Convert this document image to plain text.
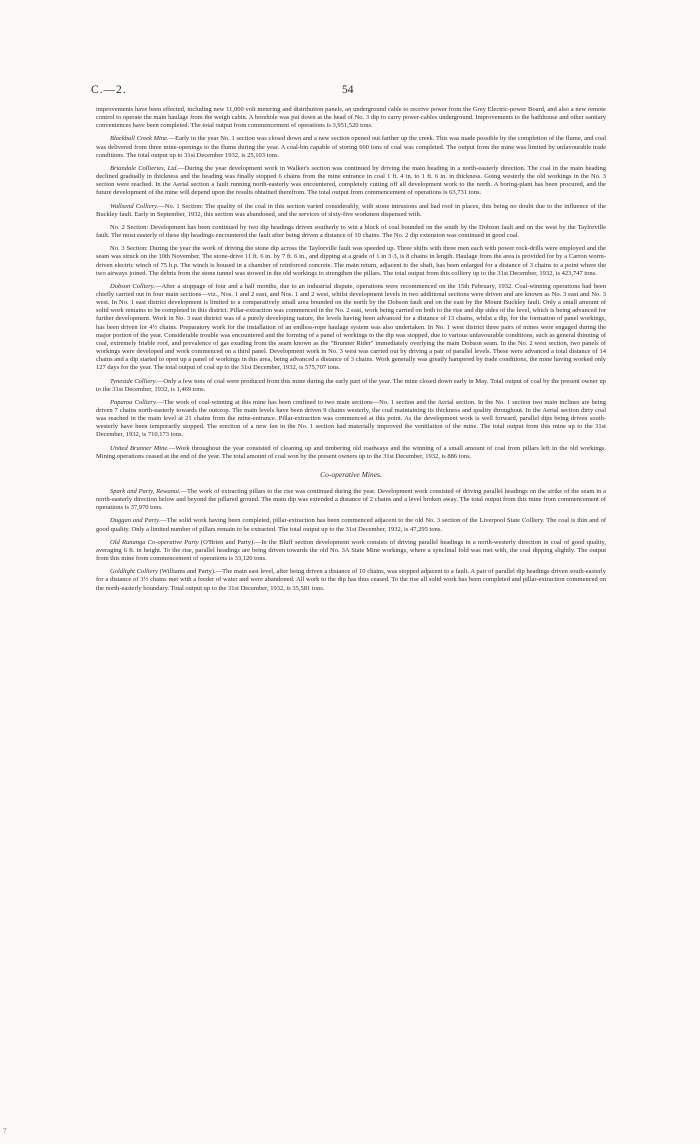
C.—2.	54

improvements have been effected, including new 11,000 volt metering and distribution panels, an underground cable to receive power from the Grey Electric-power Board, and also a new remote control to operate the main haulage from the weigh cabin. A borehole was put down at the head of No. 3 dip to carry power-cables underground. Improvements to the bathhouse and other sanitary conveniences have been completed. The total output from commencement of operations is 3,951,520 tons.

Blackball Creek Mine.—Early in the year No. 1 section was closed down and a new section opened out farther up the creek. This was made possible by the completion of the flume, and coal was delivered from three mine-openings to the flume during the year. A coal-bin capable of storing 600 tons of coal was completed. The output from the mine was limited by unfavourable trade conditions. The total output up to 31st December 1932, is 25,103 tons.

Briandale Collieries, Ltd.—During the year development work in Walker's section was continued by driving the main heading in a north-easterly direction. The coal in the main heading declined gradually in thickness and the heading was finally stopped 6 chains from the mine entrance in coal 1 ft. 4 in. to 1 ft. 6 in. in thickness. Going westerly the old workings in the No. 3 section were reached. In the Aerial section a fault running north-easterly was encountered, completely cutting off all development work to the north. A boring-plant has been procured, and the future development of the mine will depend upon the results obtained therefrom. The total output from commencement of operations is 63,731 tons.

Wallsend Colliery.—No. 1 Section: The quality of the coal in this section varied considerably, with stone intrusions and bad roof in places, this being no doubt due to the influence of the Buckley fault. Early in September, 1932, this section was abandoned, and the services of sixty-five workmen dispensed with.

No. 2 Section: Development has been continued by two dip headings driven southerly to win a block of coal bounded on the south by the Dobson fault and on the west by the Taylorville fault. The most easterly of these dip headings encountered the fault after being driven a distance of 10 chains. The No. 2 dip extension was continued in good coal.

No. 3 Section: During the year the work of driving the stone dip across the Taylorville fault was speeded up. Three shifts with three men each with power rock-drills were employed and the seam was struck on the 10th November. The stone-drive 11 ft. 6 in. by 7 ft. 6 in., and dipping at a grade of 1 in 3·3, is 8 chains in length. Haulage from the area is provided for by a Carron worm-driven electric winch of 75 h.p. The winch is housed in a chamber of reinforced concrete. The main return, adjacent to the shaft, has been enlarged for a distance of 3 chains to a point where the two airways joined. The debris from the stone tunnel was stowed in the old workings to strengthen the pillars. The total output from this colliery up to the 31st December, 1932, is 423,747 tons.

Dobson Colliery.—After a stoppage of four and a half months, due to an industrial dispute, operations were recommenced on the 15th February, 1932. Coal-winning operations had been chiefly carried out in four main sections—viz., Nos. 1 and 2 east, and Nos. 1 and 2 west, whilst development levels in two additional sections were driven and are known as No. 3 east and No. 3 west. In No. 1 east district development is limited to a comparatively small area bounded on the north by the Dobson fault and on the east by the Mount Buckley fault. Only a small amount of solid work remains to be completed in this district. Pillar-extraction was commenced in the No. 2 east, work being carried on both to the rise and dip sides of the level, which is being advanced for further development. Work in No. 3 east district was of a purely developing nature, the levels having been advanced for a distance of 13 chains, whilst a dip, for the formation of panel workings, has been driven for 4½ chains. Preparatory work for the installation of an endless-rope haulage system was also undertaken. In No. 1 west district three pairs of mines were engaged during the major portion of the year. Considerable trouble was encountered and the forming of a panel of workings to the dip was stopped, due to various unfavourable conditions, such as general thinning of coal, extremely friable roof, and prevalence of gas exuding from the seam known as the "Brunner Rider" immediately overlying the main Dobson seam. In the No. 2 west section, two panels of workings were developed and work commenced on a third panel. Development work in No. 3 west was carried out by driving a pair of parallel levels. These were advanced a total distance of 14 chains and a dip started to open up a panel of workings in this area, being advanced a distance of 3 chains. Work generally was greatly hampered by trade conditions, the mine having worked only 127 days for the year. The total output of coal up to the 31st December, 1932, is 575,707 tons.

Tyneside Colliery.—Only a few tons of coal were produced from this mine during the early part of the year. The mine closed down early in May. Total output of coal by the present owner up to the 31st December, 1932, is 1,469 tons.

Paparoa Colliery.—The work of coal-winning at this mine has been confined to two main sections—No. 1 section and the Aerial section. In the No. 1 section two main inclines are being driven 7 chains north-easterly towards the outcrop. The main levels have been driven 9 chains westerly, the coal maintaining its thickness and quality throughout. In the Aerial section dirty coal was reached in the main level at 21 chains from the mine-entrance. Pillar-extraction was commenced at this point. As the development work is well forward, parallel dips being driven south-westerly have been temporarily stopped. The erection of a new fan in the No. 1 section had materially improved the ventilation of the mine. The total output from this mine up to the 31st December, 1932, is 710,173 tons.

United Brunner Mine.—Work throughout the year consisted of cleaning up and timbering old roadways and the winning of a small amount of coal from pillars left in the old workings. Mining operations ceased at the end of the year. The total amount of coal won by the present owners up to the 31st December, 1932, is 886 tons.

Co-operative Mines.

Spark and Party, Rewanui.—The work of extracting pillars to the rise was continued during the year. Development work consisted of driving parallel headings on the strike of the seam in a north-easterly direction below and beyond the pillared ground. The main dip was extended a distance of 2 chains and a level broken away. The total output from this mine from commencement of operations is 37,970 tons.

Duggan and Party.—The solid work having been completed, pillar-extraction has been commenced adjacent to the old No. 3 section of the Liverpool State Colliery. The coal is thin and of good quality. Only a limited number of pillars remain to be extracted. The total output up to the 31st December, 1932, is 47,295 tons.

Old Runanga Co-operative Party (O'Brien and Party).—In the Bluff section development work consists of driving parallel headings in a north-westerly direction in coal of good quality, averaging 6 ft. in height. To the rise, parallel headings are being driven towards the old No. 3A State Mine workings, where a synclinal fold was met with, the coal dipping slightly. The output from this mine from commencement of operations is 33,120 tons.

Goldlight Colliery (Williams and Party).—The main east level, after being driven a distance of 10 chains, was stopped adjacent to a fault. A pair of parallel dip headings driven south-easterly for a distance of 3½ chains met with a feeder of water and were abandoned. All work to the dip has thus ceased. To the rise all solid work has been completed and pillar-extraction commenced on the north-easterly boundary. Total output up to the 31st December, 1932, is 35,581 tons.

7
